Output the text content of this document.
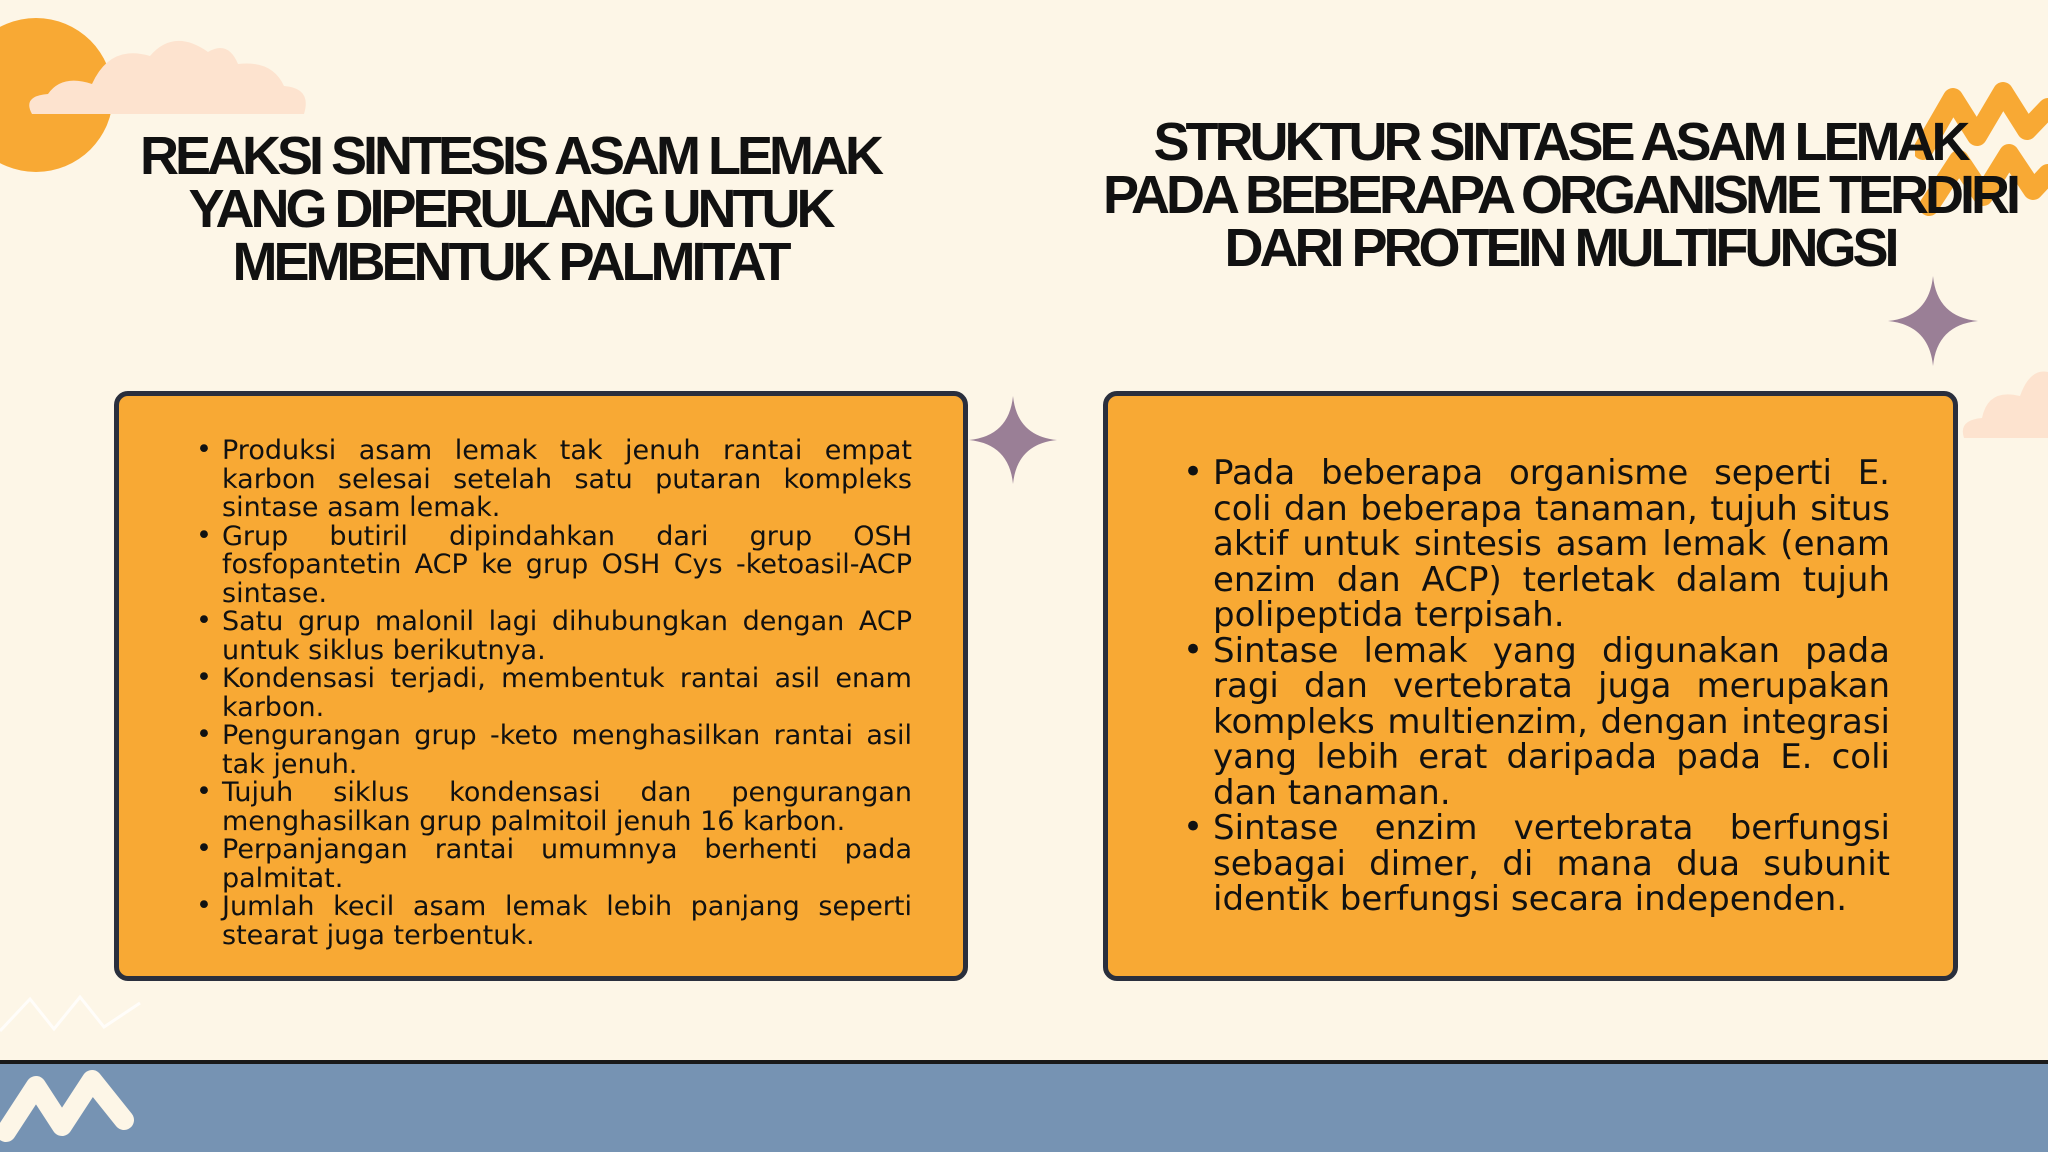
REAKSI SINTESIS ASAM LEMAK YANG DIPERULANG UNTUK MEMBENTUK PALMITAT
STRUKTUR SINTASE ASAM LEMAK PADA BEBERAPA ORGANISME TERDIRI DARI PROTEIN MULTIFUNGSI
• Produksi asam lemak tak jenuh rantai empat karbon selesai setelah satu putaran kompleks sintase asam lemak.
• Grup butiril dipindahkan dari grup OSH fosfopantetin ACP ke grup OSH Cys -ketoasil-ACP sintase.
• Satu grup malonil lagi dihubungkan dengan ACP untuk siklus berikutnya.
• Kondensasi terjadi, membentuk rantai asil enam karbon.
• Pengurangan grup -keto menghasilkan rantai asil tak jenuh.
• Tujuh siklus kondensasi dan pengurangan menghasilkan grup palmitoil jenuh 16 karbon.
• Perpanjangan rantai umumnya berhenti pada palmitat.
• Jumlah kecil asam lemak lebih panjang seperti stearat juga terbentuk.
• Pada beberapa organisme seperti E. coli dan beberapa tanaman, tujuh situs aktif untuk sintesis asam lemak (enam enzim dan ACP) terletak dalam tujuh polipeptida terpisah.
• Sintase lemak yang digunakan pada ragi dan vertebrata juga merupakan kompleks multienzim, dengan integrasi yang lebih erat daripada pada E. coli dan tanaman.
• Sintase enzim vertebrata berfungsi sebagai dimer, di mana dua subunit identik berfungsi secara independen.
